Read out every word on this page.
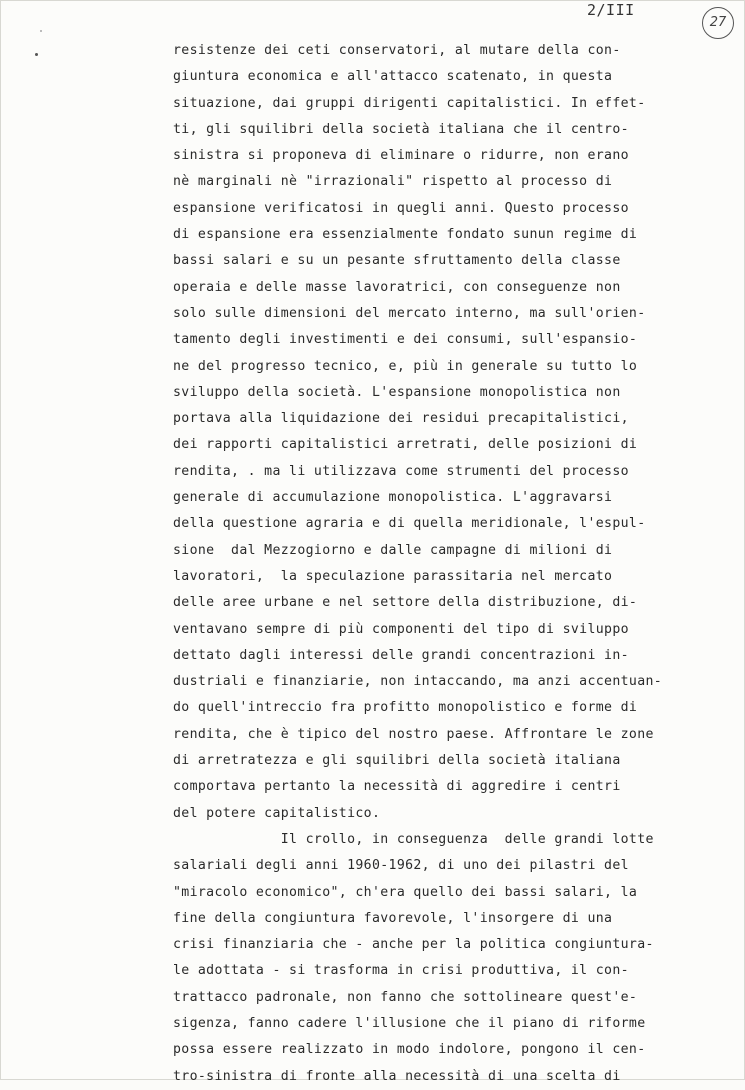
2/III
27
resistenze dei ceti conservatori, al mutare della con-
giuntura economica e all'attacco scatenato, in questa
situazione, dai gruppi dirigenti capitalistici. In effet-
ti, gli squilibri della società italiana che il centro-
sinistra si proponeva di eliminare o ridurre, non erano
nè marginali nè "irrazionali" rispetto al processo di
espansione verificatosi in quegli anni. Questo processo
di espansione era essenzialmente fondato sunun regime di
bassi salari e su un pesante sfruttamento della classe
operaia e delle masse lavoratrici, con conseguenze non
solo sulle dimensioni del mercato interno, ma sull'orien-
tamento degli investimenti e dei consumi, sull'espansio-
ne del progresso tecnico, e, più in generale su tutto lo
sviluppo della società. L'espansione monopolistica non
portava alla liquidazione dei residui precapitalistici,
dei rapporti capitalistici arretrati, delle posizioni di
rendita, . ma li utilizzava come strumenti del processo
generale di accumulazione monopolistica. L'aggravarsi
della questione agraria e di quella meridionale, l'espul-
sione  dal Mezzogiorno e dalle campagne di milioni di
lavoratori,  la speculazione parassitaria nel mercato
delle aree urbane e nel settore della distribuzione, di-
ventavano sempre di più componenti del tipo di sviluppo
dettato dagli interessi delle grandi concentrazioni in-
dustriali e finanziarie, non intaccando, ma anzi accentuan-
do quell'intreccio fra profitto monopolistico e forme di
rendita, che è tipico del nostro paese. Affrontare le zone
di arretratezza e gli squilibri della società italiana
comportava pertanto la necessità di aggredire i centri
del potere capitalistico.
Il crollo, in conseguenza  delle grandi lotte
salariali degli anni 1960-1962, di uno dei pilastri del
"miracolo economico", ch'era quello dei bassi salari, la
fine della congiuntura favorevole, l'insorgere di una
crisi finanziaria che - anche per la politica congiuntura-
le adottata - si trasforma in crisi produttiva, il con-
trattacco padronale, non fanno che sottolineare quest'e-
sigenza, fanno cadere l'illusione che il piano di riforme
possa essere realizzato in modo indolore, pongono il cen-
tro-sinistra di fronte alla necessità di una scelta di
